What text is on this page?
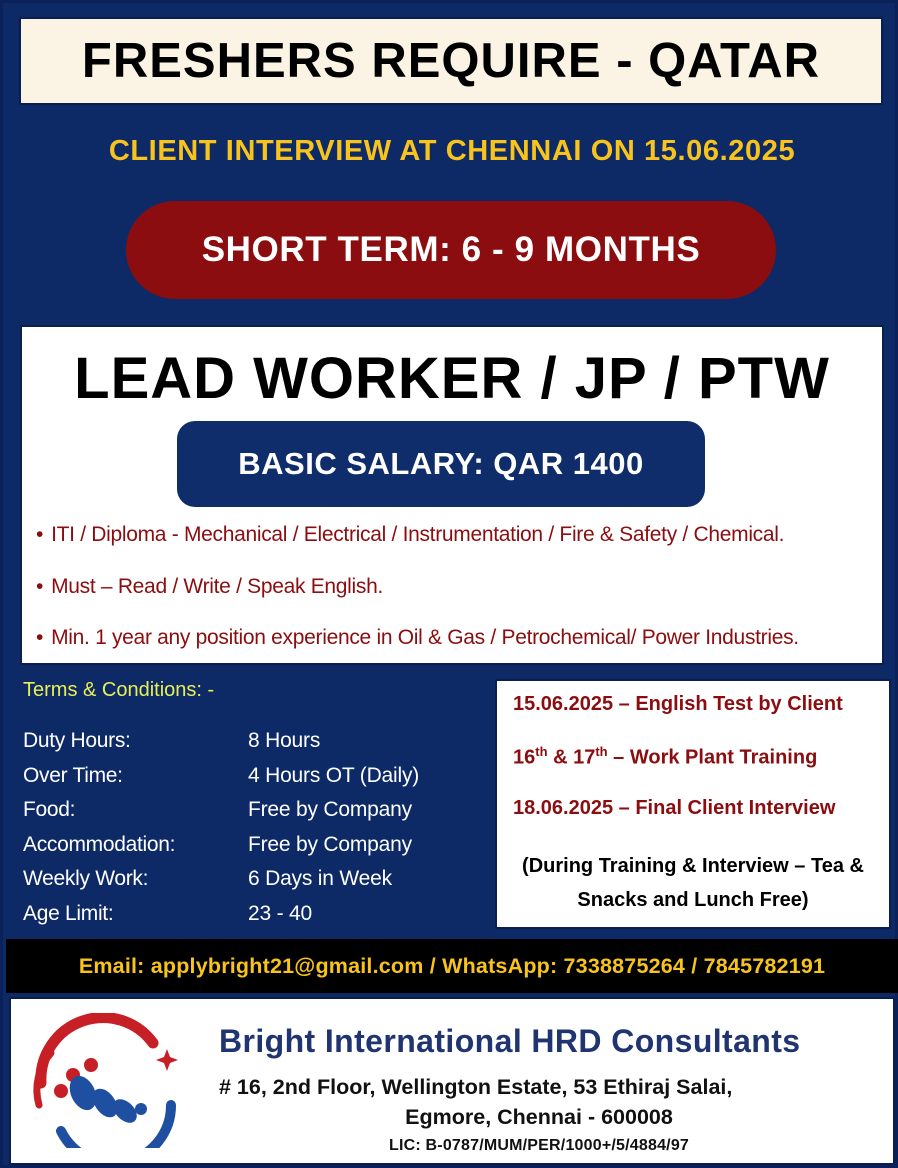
FRESHERS REQUIRE - QATAR
CLIENT INTERVIEW AT CHENNAI ON 15.06.2025
SHORT TERM: 6 - 9 MONTHS
LEAD WORKER / JP / PTW
BASIC SALARY: QAR 1400
• ITI / Diploma - Mechanical / Electrical / Instrumentation / Fire & Safety / Chemical.
• Must – Read / Write / Speak English.
• Min. 1 year any position experience in Oil & Gas / Petrochemical/ Power Industries.
Terms & Conditions: -
Duty Hours:	8 Hours
Over Time:	4 Hours OT (Daily)
Food:	Free by Company
Accommodation:	Free by Company
Weekly Work:	6 Days in Week
Age Limit:	23 - 40
15.06.2025 – English Test by Client
16th & 17th – Work Plant Training
18.06.2025 – Final Client Interview
(During Training & Interview – Tea & Snacks and Lunch Free)
Email: applybright21@gmail.com / WhatsApp: 7338875264 / 7845782191
Bright International HRD Consultants
# 16, 2nd Floor, Wellington Estate, 53 Ethiraj Salai,
Egmore, Chennai - 600008
LIC: B-0787/MUM/PER/1000+/5/4884/97
